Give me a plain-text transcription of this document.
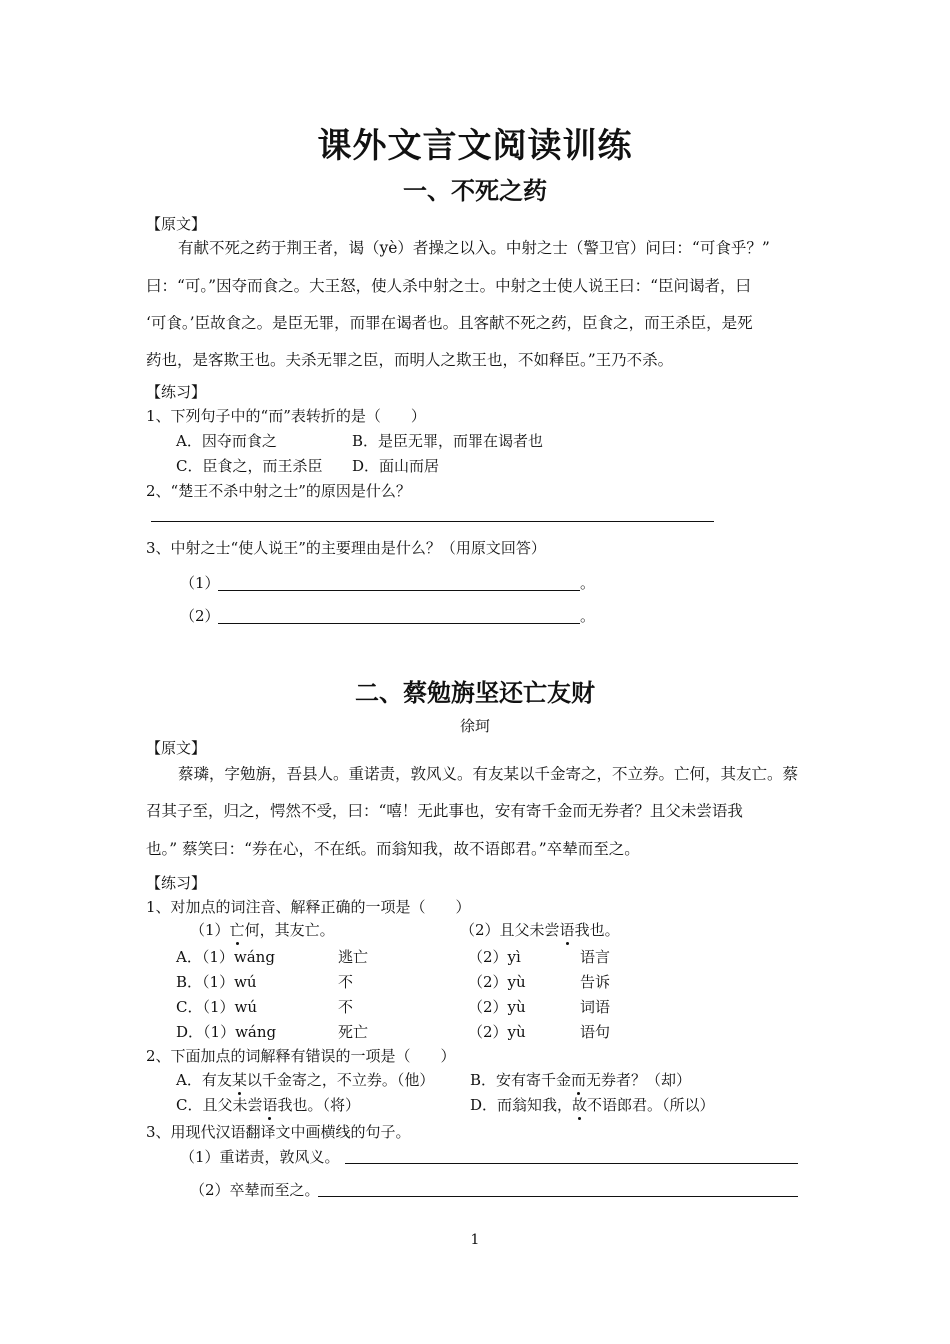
课外文言文阅读训练
一、不死之药
【原文】
有献不死之药于荆王者，谒（yè）者操之以入。中射之士（警卫官）问曰：“可食乎？”
曰：“可。”因夺而食之。大王怒，使人杀中射之士。中射之士使人说王曰：“臣问谒者，曰
‘可食。’臣故食之。是臣无罪，而罪在谒者也。且客献不死之药，臣食之，而王杀臣，是死
药也，是客欺王也。夫杀无罪之臣，而明人之欺王也，不如释臣。”王乃不杀。
【练习】
1、下列句子中的“而”表转折的是（　　）
A．因夺而食之	B．是臣无罪，而罪在谒者也
C．臣食之，而王杀臣 D．面山而居
2、“楚王不杀中射之士”的原因是什么？
3、中射之士“使人说王”的主要理由是什么？（用原文回答）
（1）	。
（2）	。
二、蔡勉旃坚还亡友财
徐珂
【原文】
蔡璘，字勉旃，吾县人。重诺责，敦风义。有友某以千金寄之，不立券。亡何，其友亡。蔡
召其子至，归之，愕然不受，曰：“嘻！无此事也，安有寄千金而无券者？且父未尝语我
也。” 蔡笑曰：“券在心，不在纸。而翁知我，故不语郎君。”卒辇而至之。
【练习】
1、对加点的词注音、解释正确的一项是（　　）
（1）亡何，其友亡。	（2）且父未尝语我也。
A．（1）wáng	逃亡	（2）yì	语言
B．（1）wú	不	（2）yù	告诉
C．（1）wú	不	（2）yù	词语
D．（1）wáng	死亡	（2）yù	语句
2、下面加点的词解释有错误的一项是（　　）
A．有友某以千金寄之，不立券。（他） B．安有寄千金而无券者？（却）
C．且父未尝语我也。（将）	D．而翁知我，故不语郎君。（所以）
3、用现代汉语翻译文中画横线的句子。
（1）重诺责，敦风义。
（2）卒辇而至之。
1
